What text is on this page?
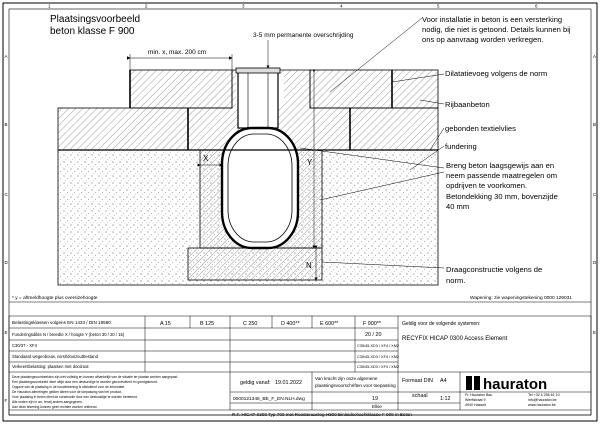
1	2	3	4	5	6
A
B
C
D
E
F
A
B
C
D
E
Plaatsingsvoorbeeld
beton klasse F 900
min. x, max. 200 cm
3-5 mm permanente overschrijding
X	Y
N
Voor installatie in beton is een versterking nodig, die niet is getoond. Details kunnen bij ons op aanvraag worden verkregen.
Dilatatievoeg volgens de norm
Rijbaanbeton
gebonden textielvlies
fundering
Breng beton laagsgewijs aan en neem passende maatregelen om opdrijven te voorkomen. Betondekking 30 mm, bovenzijde 40 mm
Draagconstructie volgens de norm.
* y = aftmeldhoogte plus oversizehoogte	Wapening: zie wapeningstekening 0000 129031
Belastingsklassen volgens EN 1433 / DIN 19580	A 15	B 125	C 250	D 400**	E 600**	F 900**
Funderingsdikte N / breedte X / hoogte Y (beton 30 / 20 / 15)	20 / 20
C30/37 - XF4	C35/45-XD3 / XF4 / XM2
Standaard wegenbouw, vorst/dooizoutbestand	C35/45-XD3 / XF4 / XM2
Verkeersbelasting: plaatsen met dooizout	C35/45-XD3 / XF4 / XM2
Geldig voor de volgende systemen:
RECYFIX HICAP 0300 Access Element
Deze plaatsingsvoorbeelden zijn niet volledig en kunnen afhankelijk van de situatie ter plaatse worden aangepast. Een plaatsingsvoorbeeld dient altijd door een deskundige te worden gecontroleerd en goedgekeurd. Opgave van de plaatsing in de bouwtekening is uitsluitend voor de informatie. De Hauraton-afmetingen gelden alleen voor de toepassing van het product. Voor plaatsing in beton dient de constructie door een deskundige te worden berekend. Alle maten zijn in cm, tenzij anders aangegeven. Aan deze tekening kunnen geen rechten worden ontleend.
geldig vanaf: 19.01.2022
Van kracht zijn onze algemene plaatsingsvoorschriften voor toepassing
Formaat DIN A4
schaal 1:12
0000121346_BE_F_EN.NLH.dwg	19
Elkie
R.F. HICAP 0300 Typ 700 met Roosteraanleg H800 Einleidschachtklasse F 900 in Beton
hauraton
Fr. Hauraton Bau Werftstraat 9 4940 Hasselt
Tel +32 4 256 61 10 info@hauraton.be www.hauraton.be
